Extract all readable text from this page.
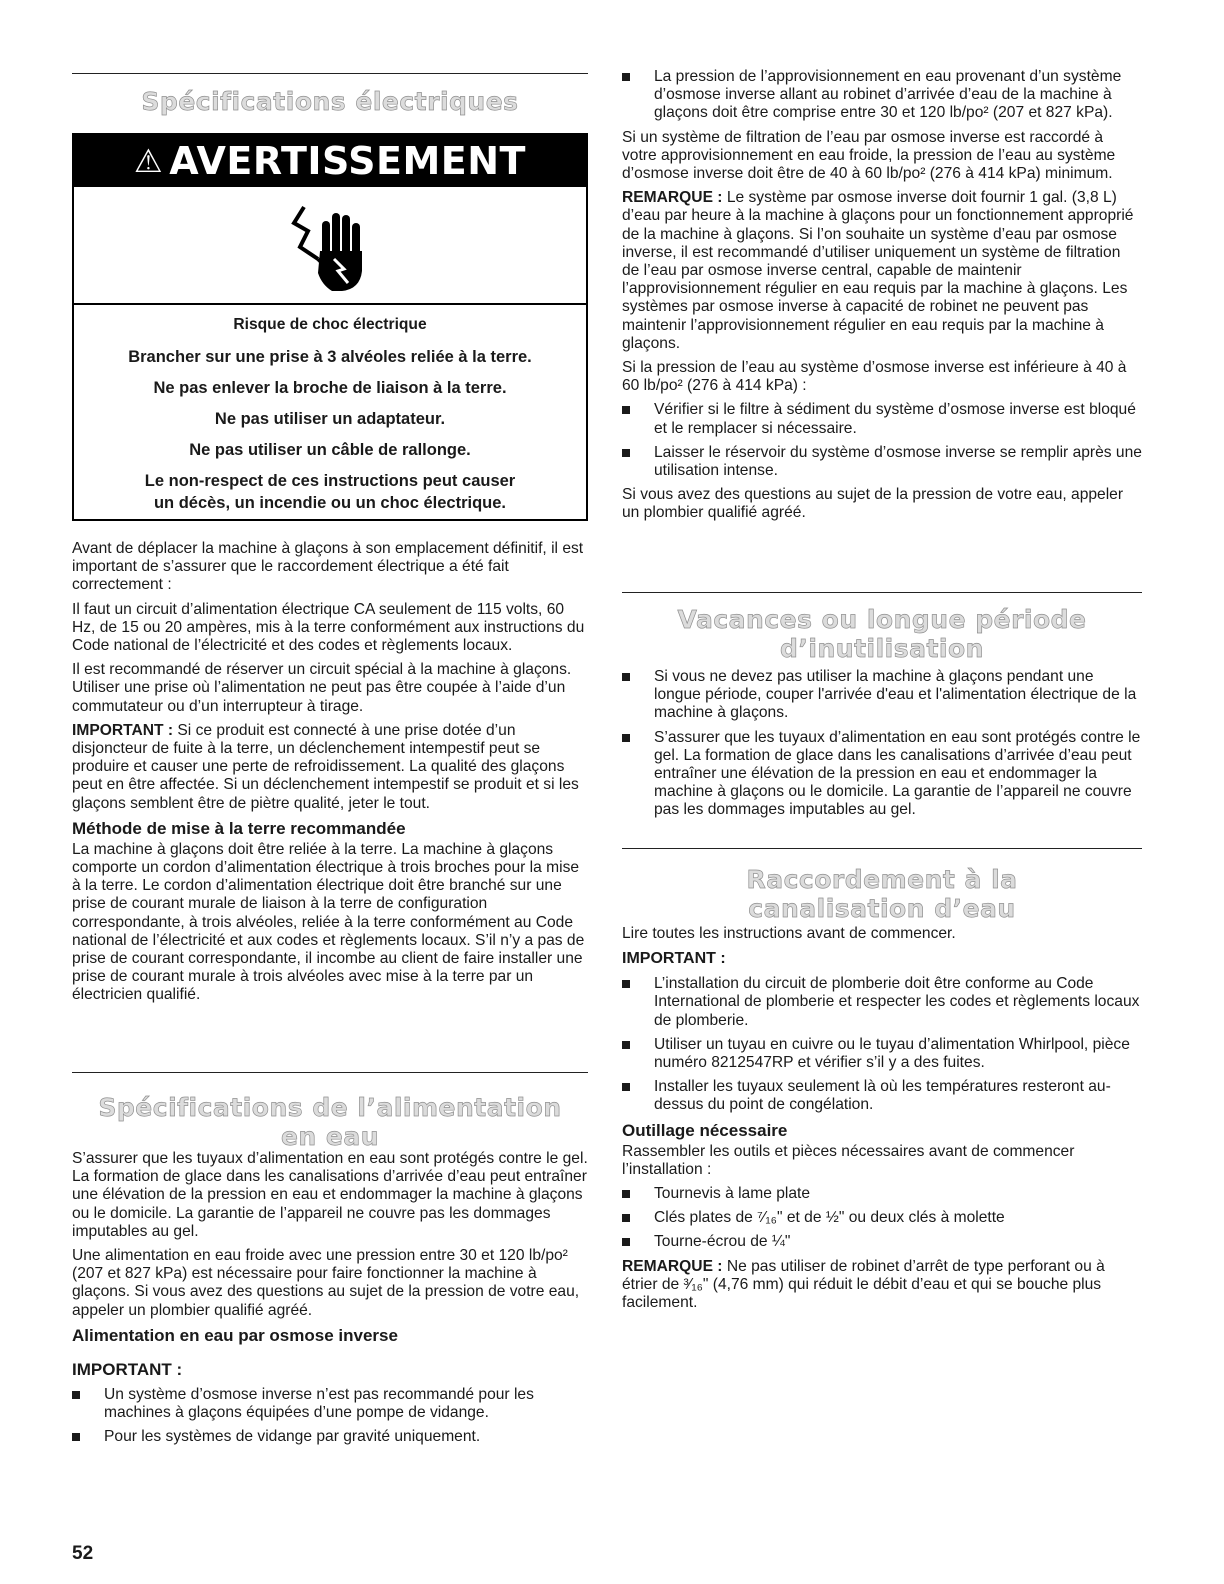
Spécifications électriques
⚠ AVERTISSEMENT
Risque de choc électrique
Brancher sur une prise à 3 alvéoles reliée à la terre.
Ne pas enlever la broche de liaison à la terre.
Ne pas utiliser un adaptateur.
Ne pas utiliser un câble de rallonge.
Le non-respect de ces instructions peut causer
un décès, un incendie ou un choc électrique.

Avant de déplacer la machine à glaçons à son emplacement définitif, il est important de s’assurer que le raccordement électrique a été fait correctement :

Il faut un circuit d’alimentation électrique CA seulement de 115 volts, 60 Hz, de 15 ou 20 ampères, mis à la terre conformément aux instructions du Code national de l’électricité et des codes et règlements locaux.

Il est recommandé de réserver un circuit spécial à la machine à glaçons. Utiliser une prise où l’alimentation ne peut pas être coupée à l’aide d’un commutateur ou d’un interrupteur à tirage.

IMPORTANT : Si ce produit est connecté à une prise dotée d’un disjoncteur de fuite à la terre, un déclenchement intempestif peut se produire et causer une perte de refroidissement. La qualité des glaçons peut en être affectée. Si un déclenchement intempestif se produit et si les glaçons semblent être de piètre qualité, jeter le tout.

Méthode de mise à la terre recommandée

La machine à glaçons doit être reliée à la terre. La machine à glaçons comporte un cordon d’alimentation électrique à trois broches pour la mise à la terre. Le cordon d’alimentation électrique doit être branché sur une prise de courant murale de liaison à la terre de configuration correspondante, à trois alvéoles, reliée à la terre conformément au Code national de l’électricité et aux codes et règlements locaux. S’il n’y a pas de prise de courant correspondante, il incombe au client de faire installer une prise de courant murale à trois alvéoles avec mise à la terre par un électricien qualifié.

Spécifications de l’alimentation
en eau

S’assurer que les tuyaux d’alimentation en eau sont protégés contre le gel. La formation de glace dans les canalisations d’arrivée d’eau peut entraîner une élévation de la pression en eau et endommager la machine à glaçons ou le domicile. La garantie de l’appareil ne couvre pas les dommages imputables au gel.

Une alimentation en eau froide avec une pression entre 30 et 120 lb/po² (207 et 827 kPa) est nécessaire pour faire fonctionner la machine à glaçons. Si vous avez des questions au sujet de la pression de votre eau, appeler un plombier qualifié agréé.

Alimentation en eau par osmose inverse
IMPORTANT :
Un système d’osmose inverse n’est pas recommandé pour les machines à glaçons équipées d’une pompe de vidange.
Pour les systèmes de vidange par gravité uniquement.
La pression de l’approvisionnement en eau provenant d’un système d’osmose inverse allant au robinet d’arrivée d’eau de la machine à glaçons doit être comprise entre 30 et 120 lb/po² (207 et 827 kPa).

Si un système de filtration de l’eau par osmose inverse est raccordé à votre approvisionnement en eau froide, la pression de l’eau au système d’osmose inverse doit être de 40 à 60 lb/po² (276 à 414 kPa) minimum.

REMARQUE : Le système par osmose inverse doit fournir 1 gal. (3,8 L) d’eau par heure à la machine à glaçons pour un fonctionnement approprié de la machine à glaçons. Si l’on souhaite un système d’eau par osmose inverse, il est recommandé d’utiliser uniquement un système de filtration de l’eau par osmose inverse central, capable de maintenir l’approvisionnement régulier en eau requis par la machine à glaçons. Les systèmes par osmose inverse à capacité de robinet ne peuvent pas maintenir l’approvisionnement régulier en eau requis par la machine à glaçons.

Si la pression de l’eau au système d’osmose inverse est inférieure à 40 à 60 lb/po² (276 à 414 kPa) :

Vérifier si le filtre à sédiment du système d’osmose inverse est bloqué et le remplacer si nécessaire.
Laisser le réservoir du système d’osmose inverse se remplir après une utilisation intense.

Si vous avez des questions au sujet de la pression de votre eau, appeler un plombier qualifié agréé.

Vacances ou longue période
d’inutilisation
Si vous ne devez pas utiliser la machine à glaçons pendant une longue période, couper l'arrivée d'eau et l'alimentation électrique de la machine à glaçons.
S’assurer que les tuyaux d’alimentation en eau sont protégés contre le gel. La formation de glace dans les canalisations d’arrivée d’eau peut entraîner une élévation de la pression en eau et endommager la machine à glaçons ou le domicile. La garantie de l’appareil ne couvre pas les dommages imputables au gel.
Raccordement à la
canalisation d’eau

Lire toutes les instructions avant de commencer.

IMPORTANT :
L’installation du circuit de plomberie doit être conforme au Code International de plomberie et respecter les codes et règlements locaux de plomberie.
Utiliser un tuyau en cuivre ou le tuyau d’alimentation Whirlpool, pièce numéro 8212547RP et vérifier s’il y a des fuites.
Installer les tuyaux seulement là où les températures resteront au-dessus du point de congélation.
Outillage nécessaire

Rassembler les outils et pièces nécessaires avant de commencer l’installation :

Tournevis à lame plate
Clés plates de ⁷⁄₁₆" et de ½" ou deux clés à molette
Tourne-écrou de ¼"

REMARQUE : Ne pas utiliser de robinet d’arrêt de type perforant ou à étrier de ³⁄₁₆" (4,76 mm) qui réduit le débit d’eau et qui se bouche plus facilement.

52
